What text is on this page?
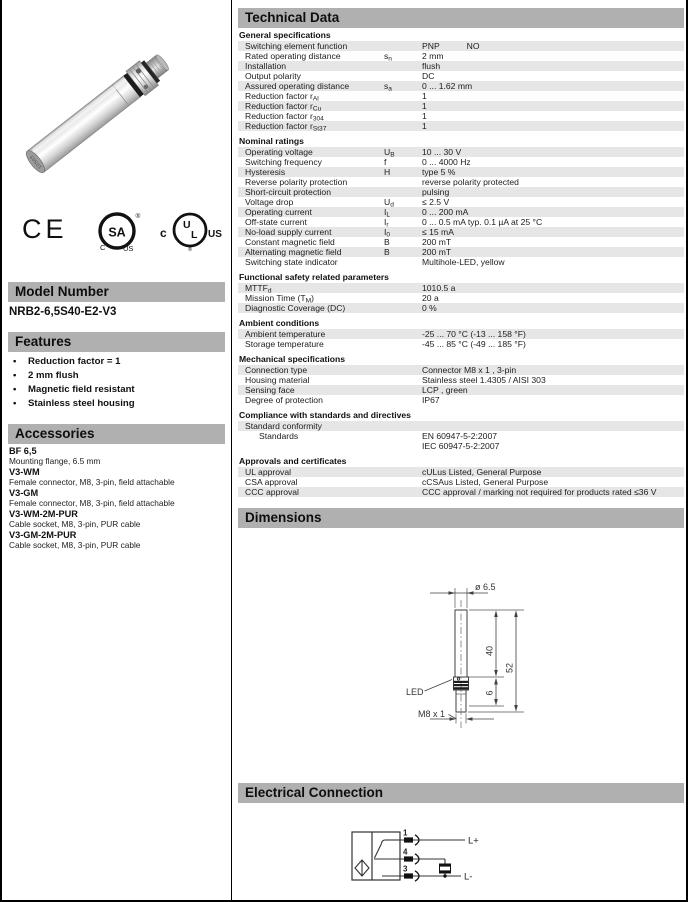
10S03
CE	SA
®
C US
c
U
L
®
US
Model Number
NRB2-6,5S40-E2-V3
Features
•	Reduction factor = 1
•	2 mm flush
•	Magnetic field resistant
•	Stainless steel housing
Accessories
BF 6,5
Mounting flange, 6.5 mm
V3-WM
Female connector, M8, 3-pin, field attachable
V3-GM
Female connector, M8, 3-pin, field attachable
V3-WM-2M-PUR
Cable socket, M8, 3-pin, PUR cable
V3-GM-2M-PUR
Cable socket, M8, 3-pin, PUR cable
Technical Data
General specifications
Switching element function	PNP	NO
Rated operating distance	$s_n$	2 mm
Installation	flush
Output polarity	DC
Assured operating distance	$s_a$	0 ... 1.62 mm
Reduction factor $r_{Al}$	1
Reduction factor $r_{Cu}$	1
Reduction factor $r_{304}$	1
Reduction factor $r_{St37}$	1
Nominal ratings
Operating voltage	$U_B$	10 ... 30 V
Switching frequency	f	0 ... 4000 Hz
Hysteresis	H	type 5 %
Reverse polarity protection	reverse polarity protected
Short-circuit protection	pulsing
Voltage drop	$U_d$	≤ 2.5 V
Operating current	$I_L$	0 ... 200 mA
Off-state current	$I_r$	0 ... 0.5 mA typ. 0.1 µA at 25 °C
No-load supply current	$I_0$	≤ 15 mA
Constant magnetic field	B	200 mT
Alternating magnetic field	B	200 mT
Switching state indicator	Multihole-LED, yellow
Functional safety related parameters
$MTTF_d$	1010.5 a
Mission Time $(T_M)$	20 a
Diagnostic Coverage (DC)	0 %
Ambient conditions
Ambient temperature	-25 ... 70 °C (-13 ... 158 °F)
Storage temperature	-45 ... 85 °C (-49 ... 185 °F)
Mechanical specifications
Connection type	Connector M8 x 1 , 3-pin
Housing material	Stainless steel 1.4305 / AISI 303
Sensing face	LCP , green
Degree of protection	IP67
Compliance with standards and directives
Standard conformity
Standards	EN 60947-5-2:2007
IEC 60947-5-2:2007
Approvals and certificates
UL approval	cULus Listed, General Purpose
CSA approval	cCSAus Listed, General Purpose
CCC approval	CCC approval / marking not required for products rated ≤36 V
Dimensions
ø 6.5
40
52
6
LED
M8 x 1
Electrical Connection
1
4
3
L+
L-
